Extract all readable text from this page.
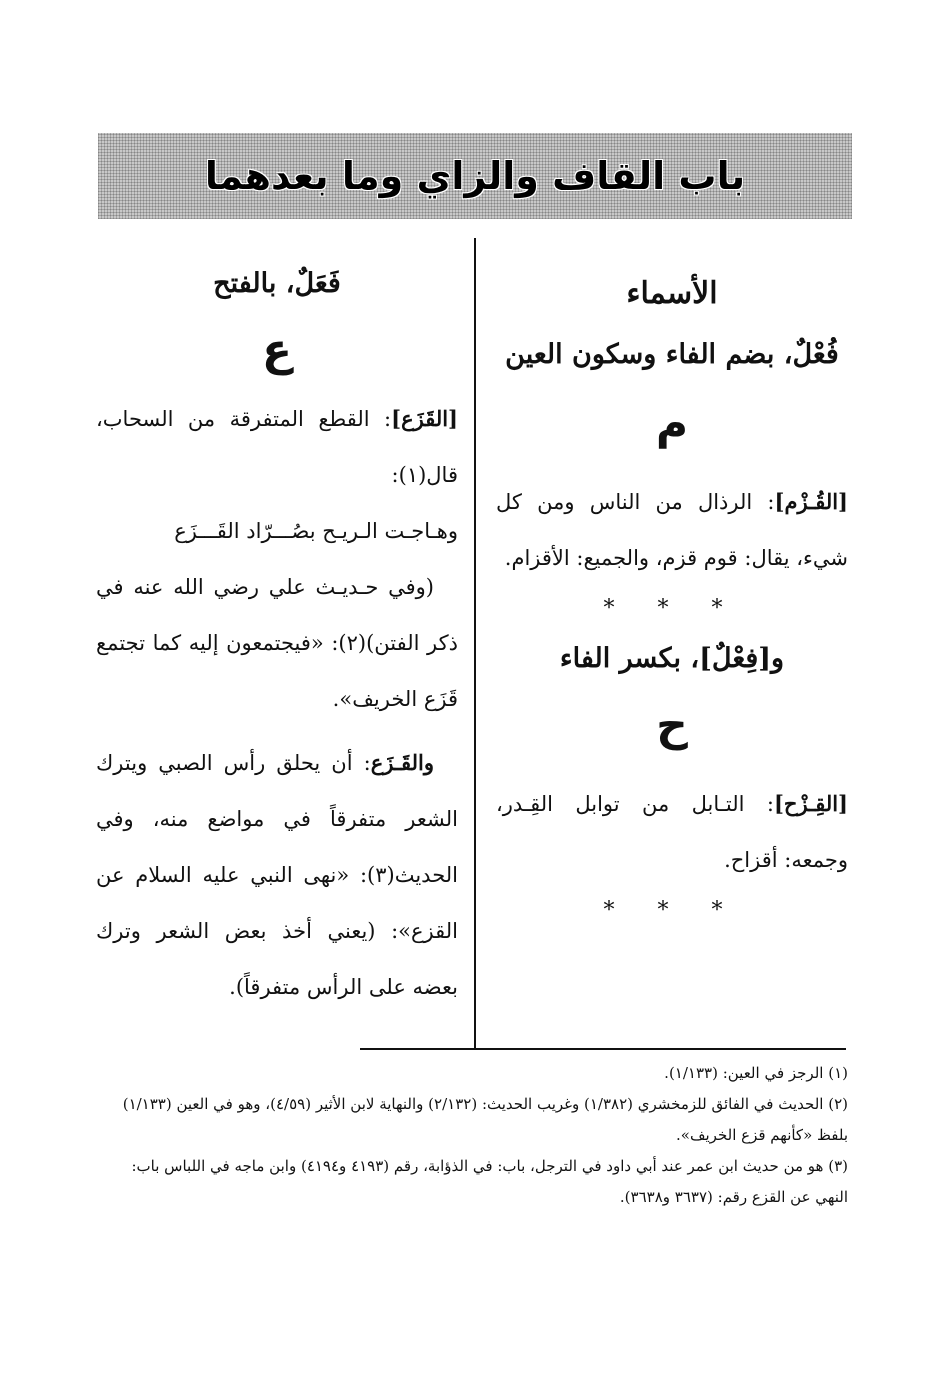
باب القاف والزاي وما بعدهما

الأسماء

فُعْلٌ، بضم الفاء وسكون العين

م

[القُـزْم]: الرذال من الناس ومن كل شيء، يقال: قوم قزم، والجميع: الأقزام.

* * *

و[فِعْلٌ]، بكسر الفاء

ح

[القِـزْح]: التـابل من توابل القِـدر، وجمعه: أقزاح.

* * *

فَعَلٌ، بالفتح

ع

[القَزَع]: القطع المتفرقة من السحاب، قال(١):

وهـاجـت الـريـح بصُـــرّاد القَـــزَع

(وفي حـديـث علي رضي الله عنه في ذكر الفتن)(٢): «فيجتمعون إليه كما تجتمع قَزَع الخريف».

والقَـزَع: أن يحلق رأس الصبي ويترك الشعر متفرقاً في مواضع منه، وفي الحديث(٣): «نهى النبي عليه السلام عن القزع»: (يعني أخذ بعض الشعر وترك بعضه على الرأس متفرقاً).

(١) الرجز في العين: (١/١٣٣).

(٢) الحديث في الفائق للزمخشري (١/٣٨٢) وغريب الحديث: (٢/١٣٢) والنهاية لابن الأثير (٤/٥٩)، وهو في العين (١/١٣٣) بلفظ «كأنهم قزع الخريف».

(٣) هو من حديث ابن عمر عند أبي داود في الترجل، باب: في الذؤابة، رقم (٤١٩٣ و٤١٩٤) وابن ماجه في اللباس باب: النهي عن القزع رقم: (٣٦٣٧ و٣٦٣٨).
